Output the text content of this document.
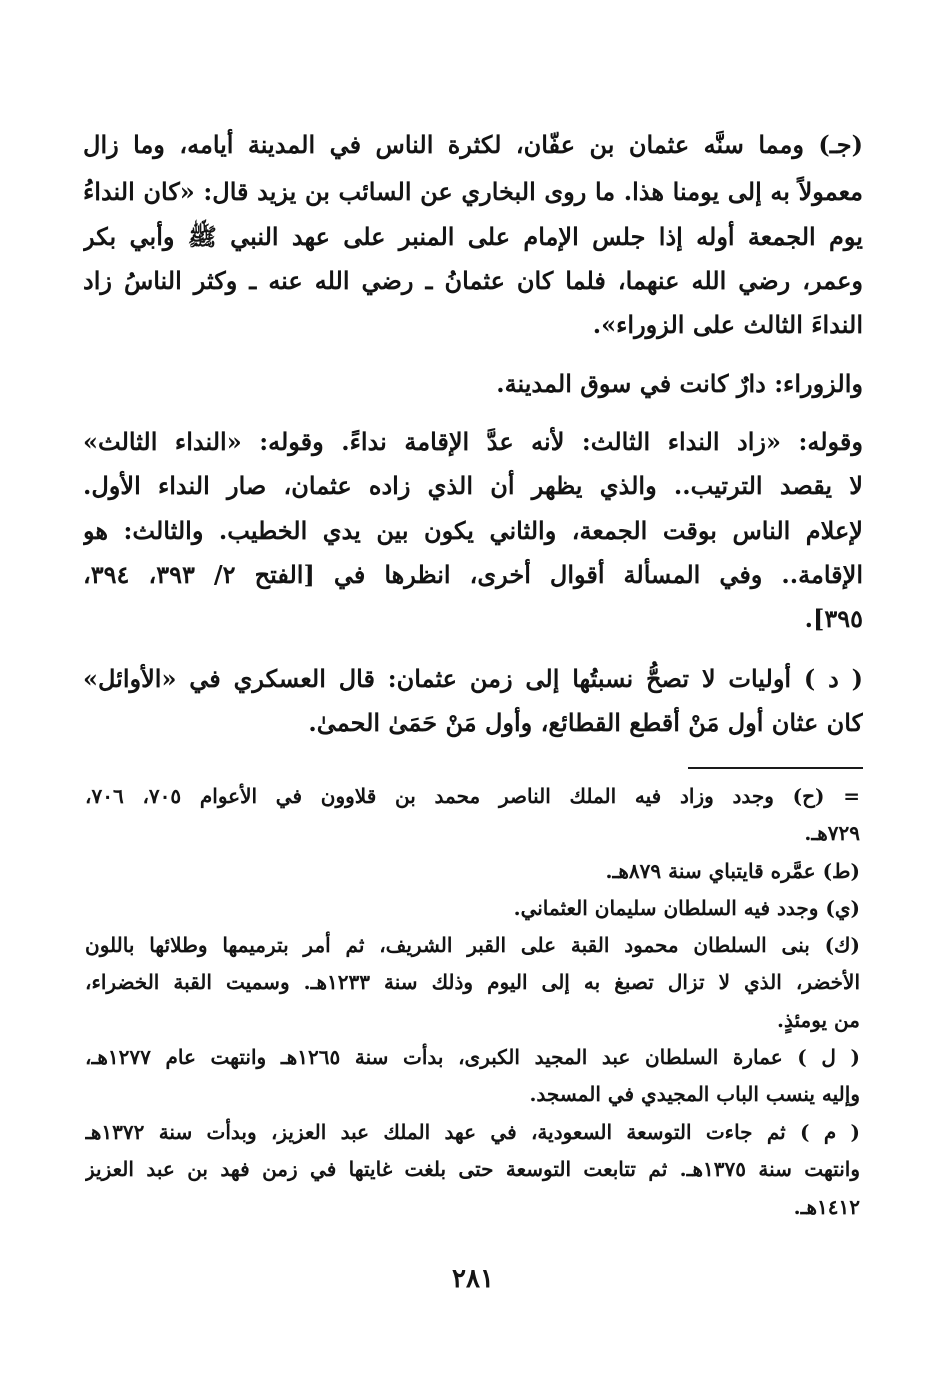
(جـ) ومما سنَّه عثمان بن عفّان، لكثرة الناس في المدينة أيامه، وما زال
معمولاً به إلى يومنا هذا. ما روى البخاري عن السائب بن يزيد قال: «كان النداءُ
يوم الجمعة أوله إذا جلس الإمام على المنبر على عهد النبي ﷺ وأبي بكر
وعمر، رضي الله عنهما، فلما كان عثمانُ ـ رضي الله عنه ـ وكثر الناسُ زاد
النداءَ الثالث على الزوراء».
والزوراء: دارٌ كانت في سوق المدينة.
وقوله: «زاد النداء الثالث: لأنه عدَّ الإقامة نداءً. وقوله: «النداء الثالث»
لا يقصد الترتيب.. والذي يظهر أن الذي زاده عثمان، صار النداء الأول.
لإعلام الناس بوقت الجمعة، والثاني يكون بين يدي الخطيب. والثالث: هو
الإقامة.. وفي المسألة أقوال أخرى، انظرها في [الفتح ٢/ ٣٩٣، ٣٩٤،
٣٩٥].
( د ) أوليات لا تصحُّ نسبتُها إلى زمن عثمان: قال العسكري في «الأوائل»
كان عثان أول مَنْ أقطع القطائع، وأول مَنْ حَمَىٰ الحمىٰ.
= (ح) وجدد وزاد فيه الملك الناصر محمد بن قلاوون في الأعوام ٧٠٥، ٧٠٦،
٧٢٩هـ.
(ط) عمَّره قايتباي سنة ٨٧٩هـ.
(ي) وجدد فيه السلطان سليمان العثماني.
(ك) بنى السلطان محمود القبة على القبر الشريف، ثم أمر بترميمها وطلائها باللون
الأخضر، الذي لا تزال تصبغ به إلى اليوم وذلك سنة ١٢٣٣هـ. وسميت القبة الخضراء،
من يومئذٍ.
( ل ) عمارة السلطان عبد المجيد الكبرى، بدأت سنة ١٢٦٥هـ وانتهت عام ١٢٧٧هـ،
وإليه ينسب الباب المجيدي في المسجد.
( م ) ثم جاءت التوسعة السعودية، في عهد الملك عبد العزيز، وبدأت سنة ١٣٧٢هـ
وانتهت سنة ١٣٧٥هـ. ثم تتابعت التوسعة حتى بلغت غايتها في زمن فهد بن عبد العزيز
١٤١٢هـ.
٢٨١
